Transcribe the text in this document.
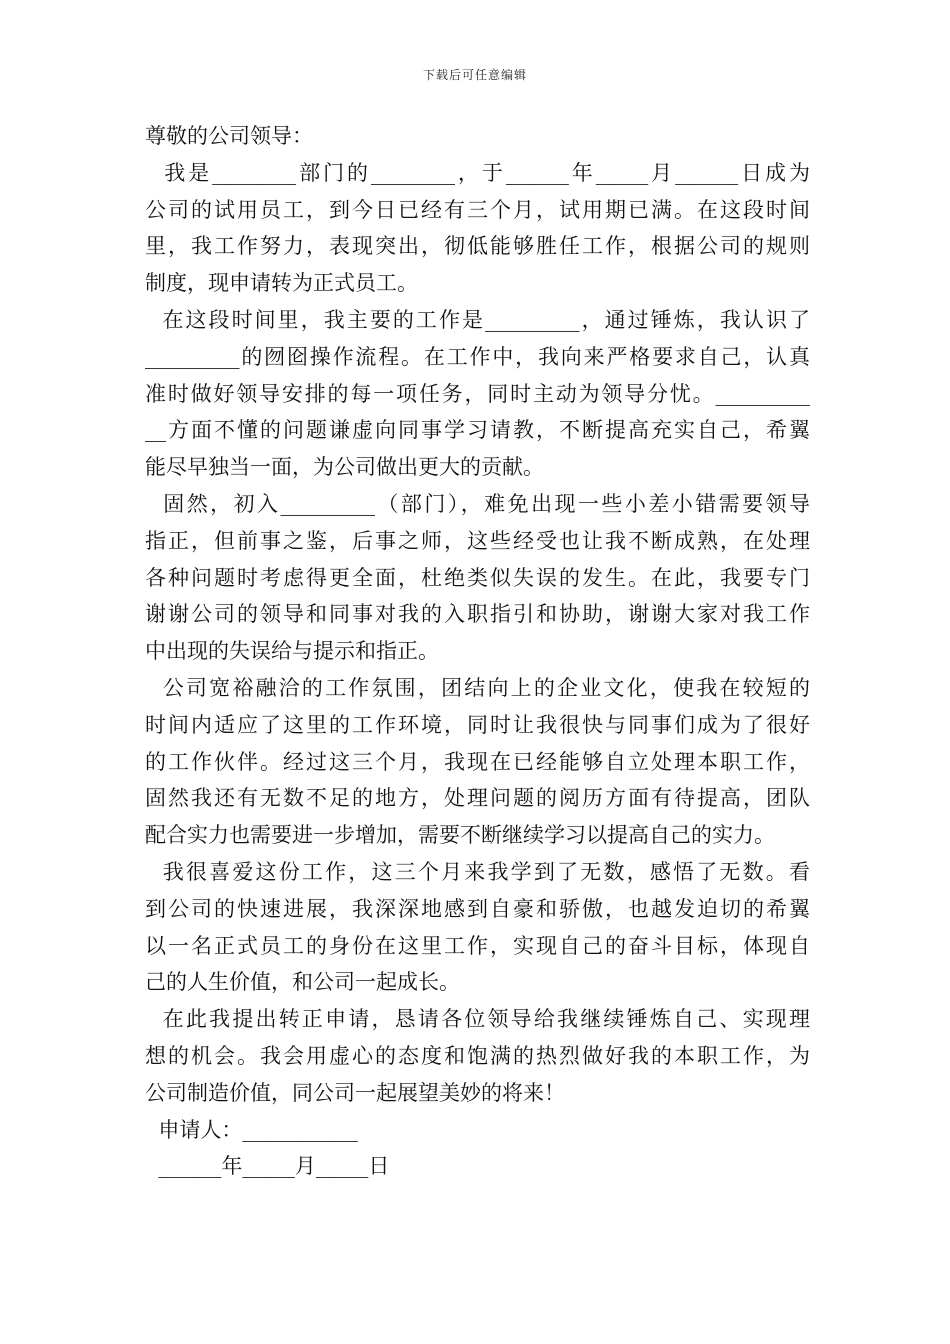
下载后可任意编辑
尊敬的公司领导：
我是________部门的________，于______年_____月______日成为
公司的试用员工，到今日已经有三个月，试用期已满。在这段时间
里，我工作努力，表现突出，彻低能够胜任工作，根据公司的规则
制度，现申请转为正式员工。
在这段时间里，我主要的工作是_________，通过锤炼，我认识了
_________的囫囵操作流程。在工作中，我向来严格要求自己，认真
准时做好领导安排的每一项任务，同时主动为领导分忧。_________
__方面不懂的问题谦虚向同事学习请教，不断提高充实自己，希翼
能尽早独当一面，为公司做出更大的贡献。
固然，初入_________（部门），难免出现一些小差小错需要领导
指正，但前事之鉴，后事之师，这些经受也让我不断成熟，在处理
各种问题时考虑得更全面，杜绝类似失误的发生。在此，我要专门
谢谢公司的领导和同事对我的入职指引和协助，谢谢大家对我工作
中出现的失误给与提示和指正。
公司宽裕融洽的工作氛围，团结向上的企业文化，使我在较短的
时间内适应了这里的工作环境，同时让我很快与同事们成为了很好
的工作伙伴。经过这三个月，我现在已经能够自立处理本职工作，
固然我还有无数不足的地方，处理问题的阅历方面有待提高，团队
配合实力也需要进一步增加，需要不断继续学习以提高自己的实力。
我很喜爱这份工作，这三个月来我学到了无数，感悟了无数。看
到公司的快速进展，我深深地感到自豪和骄傲，也越发迫切的希翼
以一名正式员工的身份在这里工作，实现自己的奋斗目标，体现自
己的人生价值，和公司一起成长。
在此我提出转正申请，恳请各位领导给我继续锤炼自己、实现理
想的机会。我会用虚心的态度和饱满的热烈做好我的本职工作，为
公司制造价值，同公司一起展望美妙的将来！
申请人：___________
______年_____月_____日
